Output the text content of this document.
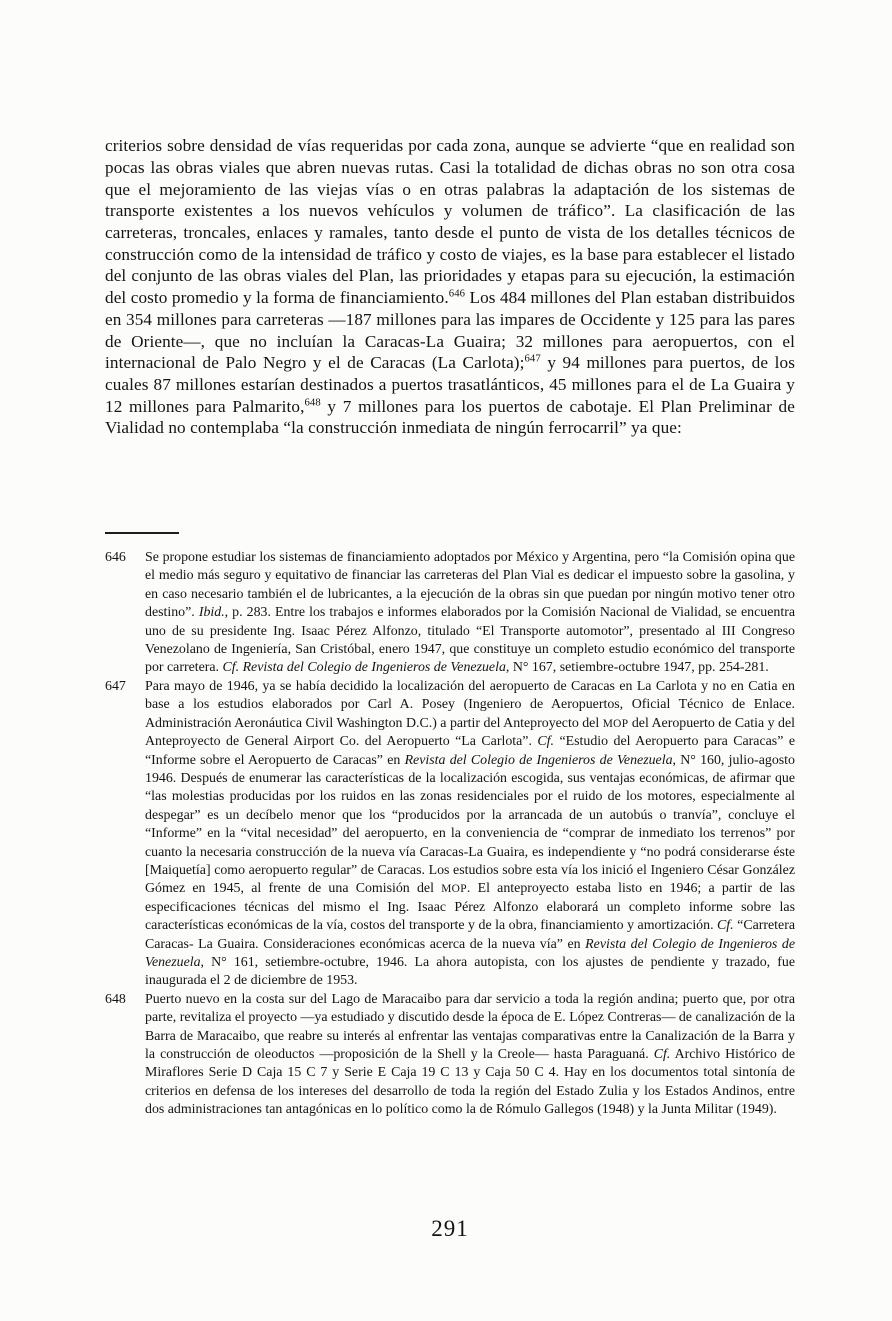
criterios sobre densidad de vías requeridas por cada zona, aunque se advierte “que en realidad son pocas las obras viales que abren nuevas rutas. Casi la totalidad de dichas obras no son otra cosa que el mejoramiento de las viejas vías o en otras palabras la adaptación de los sistemas de transporte existentes a los nuevos vehículos y volumen de tráfico”. La clasificación de las carreteras, troncales, enlaces y ramales, tanto desde el punto de vista de los detalles técnicos de construcción como de la intensidad de tráfico y costo de viajes, es la base para establecer el listado del conjunto de las obras viales del Plan, las prioridades y etapas para su ejecución, la estimación del costo promedio y la forma de financiamiento.$^{646}$ Los 484 millones del Plan estaban distribuidos en 354 millones para carreteras —187 millones para las impares de Occidente y 125 para las pares de Oriente—, que no incluían la Caracas-La Guaira; 32 millones para aeropuertos, con el internacional de Palo Negro y el de Caracas (La Carlota);$^{647}$ y 94 millones para puertos, de los cuales 87 millones estarían destinados a puertos trasatlánticos, 45 millones para el de La Guaira y 12 millones para Palmarito,$^{648}$ y 7 millones para los puertos de cabotaje. El Plan Preliminar de Vialidad no contemplaba “la construcción inmediata de ningún ferrocarril” ya que:

646	Se propone estudiar los sistemas de financiamiento adoptados por México y Argentina, pero “la Comisión opina que el medio más seguro y equitativo de financiar las carreteras del Plan Vial es dedicar el impuesto sobre la gasolina, y en caso necesario también el de lubricantes, a la ejecución de la obras sin que puedan por ningún motivo tener otro destino”. Ibid., p. 283. Entre los trabajos e informes elaborados por la Comisión Nacional de Vialidad, se encuentra uno de su presidente Ing. Isaac Pérez Alfonzo, titulado “El Transporte automotor”, presentado al III Congreso Venezolano de Ingeniería, San Cristóbal, enero 1947, que constituye un completo estudio económico del transporte por carretera. Cf. Revista del Colegio de Ingenieros de Venezuela, N° 167, setiembre-octubre 1947, pp. 254-281.
647	Para mayo de 1946, ya se había decidido la localización del aeropuerto de Caracas en La Carlota y no en Catia en base a los estudios elaborados por Carl A. Posey (Ingeniero de Aeropuertos, Oficial Técnico de Enlace. Administración Aeronáutica Civil Washington D.C.) a partir del Anteproyecto del MOP del Aeropuerto de Catia y del Anteproyecto de General Airport Co. del Aeropuerto “La Carlota”. Cf. “Estudio del Aeropuerto para Caracas” e “Informe sobre el Aeropuerto de Caracas” en Revista del Colegio de Ingenieros de Venezuela, N° 160, julio-agosto 1946. Después de enumerar las características de la localización escogida, sus ventajas económicas, de afirmar que “las molestias producidas por los ruidos en las zonas residenciales por el ruido de los motores, especialmente al despegar” es un decíbelo menor que los “producidos por la arrancada de un autobús o tranvía”, concluye el “Informe” en la “vital necesidad” del aeropuerto, en la conveniencia de “comprar de inmediato los terrenos” por cuanto la necesaria construcción de la nueva vía Caracas-La Guaira, es independiente y “no podrá considerarse éste [Maiquetía] como aeropuerto regular” de Caracas. Los estudios sobre esta vía los inició el Ingeniero César González Gómez en 1945, al frente de una Comisión del MOP. El anteproyecto estaba listo en 1946; a partir de las especificaciones técnicas del mismo el Ing. Isaac Pérez Alfonzo elaborará un completo informe sobre las características económicas de la vía, costos del transporte y de la obra, financiamiento y amortización. Cf. “Carretera Caracas- La Guaira. Consideraciones económicas acerca de la nueva vía” en Revista del Colegio de Ingenieros de Venezuela, N° 161, setiembre-octubre, 1946. La ahora autopista, con los ajustes de pendiente y trazado, fue inaugurada el 2 de diciembre de 1953.
648	Puerto nuevo en la costa sur del Lago de Maracaibo para dar servicio a toda la región andina; puerto que, por otra parte, revitaliza el proyecto —ya estudiado y discutido desde la época de E. López Contreras— de canalización de la Barra de Maracaibo, que reabre su interés al enfrentar las ventajas comparativas entre la Canalización de la Barra y la construcción de oleoductos —proposición de la Shell y la Creole— hasta Paraguaná. Cf. Archivo Histórico de Miraflores Serie D Caja 15 C 7 y Serie E Caja 19 C 13 y Caja 50 C 4. Hay en los documentos total sintonía de criterios en defensa de los intereses del desarrollo de toda la región del Estado Zulia y los Estados Andinos, entre dos administraciones tan antagónicas en lo político como la de Rómulo Gallegos (1948) y la Junta Militar (1949).
291
